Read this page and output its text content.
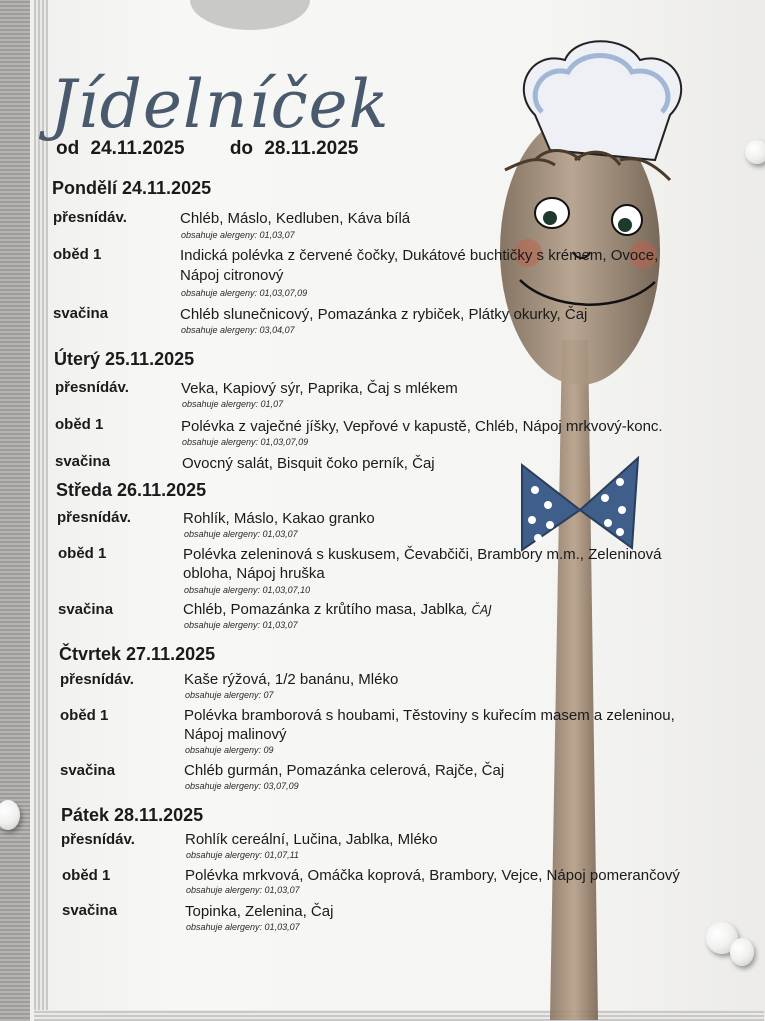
Jídelníček
od 24.11.2025 do 28.11.2025
Pondělí 24.11.2025
přesnídáv.	Chléb, Máslo, Kedluben, Káva bílá
obsahuje alergeny: 01,03,07
oběd 1	Indická polévka z červené čočky, Dukátové buchtičky s krémem, Ovoce,
Nápoj citronový
obsahuje alergeny: 01,03,07,09
svačina	Chléb slunečnicový, Pomazánka z rybiček, Plátky okurky, Čaj
obsahuje alergeny: 03,04,07
Úterý 25.11.2025
přesnídáv.	Veka, Kapiový sýr, Paprika, Čaj s mlékem
obsahuje alergeny: 01,07
oběd 1	Polévka z vaječné jíšky, Vepřové v kapustě, Chléb, Nápoj mrkvový-konc.
obsahuje alergeny: 01,03,07,09
svačina	Ovocný salát, Bisquit čoko perník, Čaj
Středa 26.11.2025
přesnídáv.	Rohlík, Máslo, Kakao granko
obsahuje alergeny: 01,03,07
oběd 1	Polévka zeleninová s kuskusem, Čevabčiči, Brambory m.m., Zeleninová
obloha, Nápoj hruška
obsahuje alergeny: 01,03,07,10
svačina	Chléb, Pomazánka z krůtího masa, Jablka, ČAJ
obsahuje alergeny: 01,03,07
Čtvrtek 27.11.2025
přesnídáv.	Kaše rýžová, 1/2 banánu, Mléko
obsahuje alergeny: 07
oběd 1	Polévka bramborová s houbami, Těstoviny s kuřecím masem a zeleninou,
Nápoj malinový
obsahuje alergeny: 09
svačina	Chléb gurmán, Pomazánka celerová, Rajče, Čaj
obsahuje alergeny: 03,07,09
Pátek 28.11.2025
přesnídáv.	Rohlík cereální, Lučina, Jablka, Mléko
obsahuje alergeny: 01,07,11
oběd 1	Polévka mrkvová, Omáčka koprová, Brambory, Vejce, Nápoj pomerančový
obsahuje alergeny: 01,03,07
svačina	Topinka, Zelenina, Čaj
obsahuje alergeny: 01,03,07
